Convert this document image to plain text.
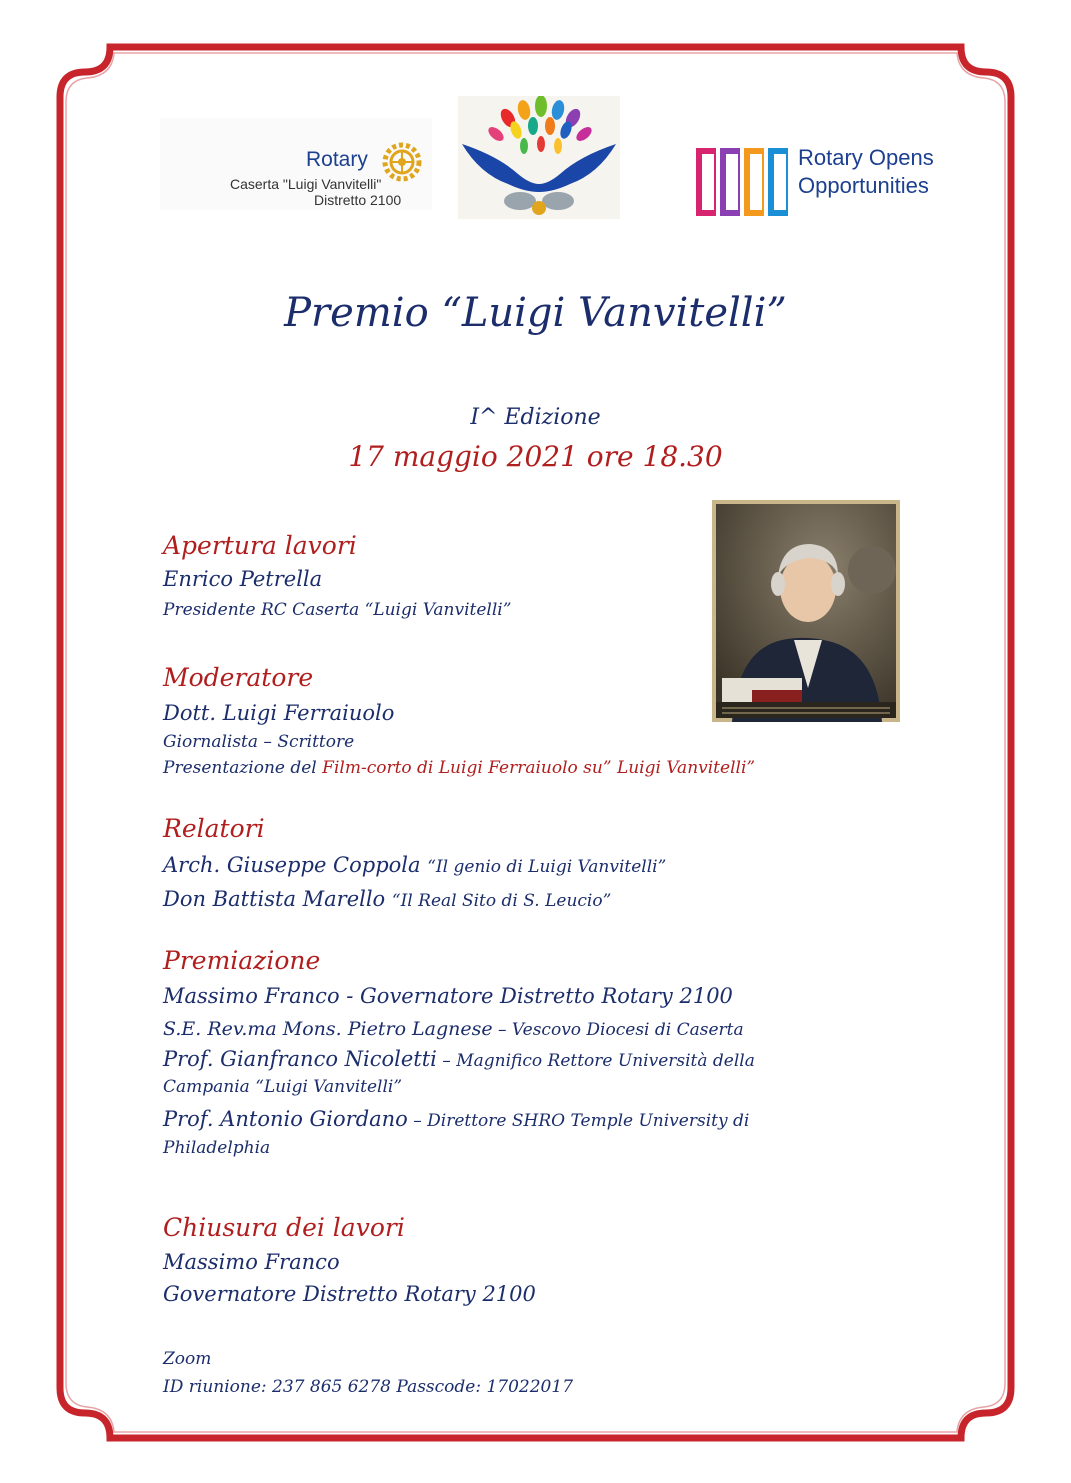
Rotary
Caserta "Luigi Vanvitelli"
Distretto 2100
Rotary Opens
Opportunities
Premio “Luigi Vanvitelli”
I^ Edizione
17 maggio 2021 ore 18.30
Apertura lavori
Enrico Petrella
Presidente RC Caserta “Luigi Vanvitelli”
Moderatore
Dott. Luigi Ferraiuolo
Giornalista – Scrittore
Presentazione del Film-corto di Luigi Ferraiuolo su” Luigi Vanvitelli”
Relatori
Arch. Giuseppe Coppola “Il genio di Luigi Vanvitelli”
Don Battista Marello “Il Real Sito di S. Leucio”
Premiazione
Massimo Franco - Governatore Distretto Rotary 2100
S.E. Rev.ma Mons. Pietro Lagnese – Vescovo Diocesi di Caserta
Prof. Gianfranco Nicoletti – Magnifico Rettore Università della
Campania “Luigi Vanvitelli”
Prof. Antonio Giordano – Direttore SHRO Temple University di
Philadelphia
Chiusura dei lavori
Massimo Franco
Governatore Distretto Rotary 2100
Zoom
ID riunione: 237 865 6278 Passcode: 17022017
